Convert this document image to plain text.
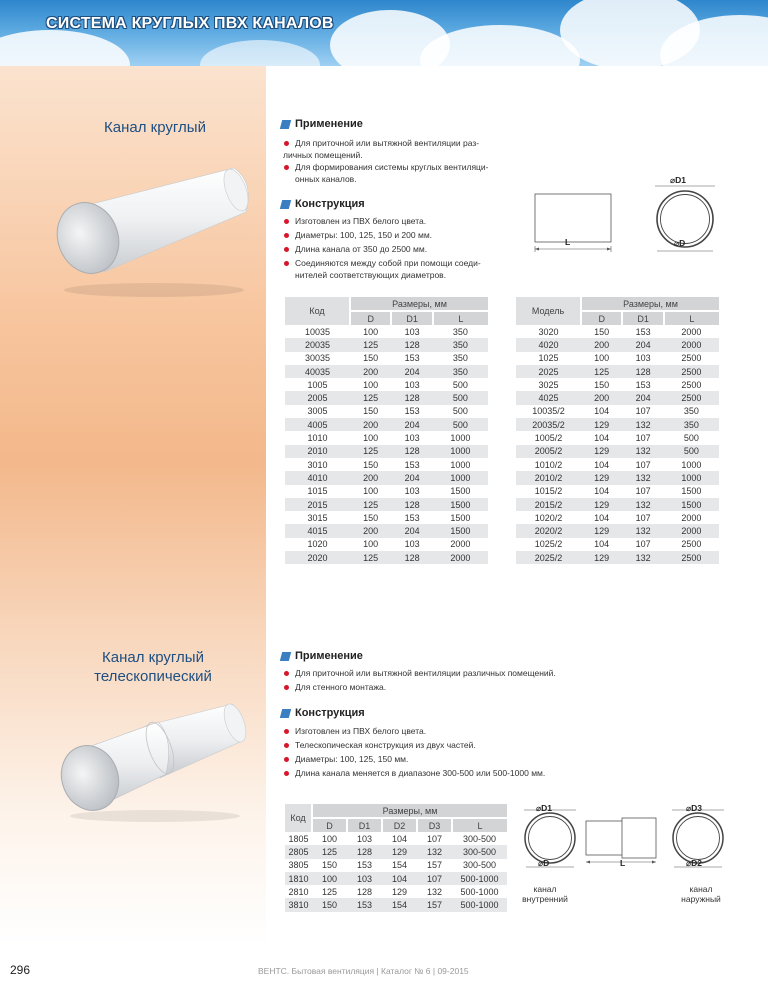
СИСТЕМА КРУГЛЫХ ПВХ КАНАЛОВ
Канал круглый	Применение
Для приточной или вытяжной вентиляции раз-
личных помещений.
Для формирования системы круглых вентиляци-
онных каналов.
Конструкция
Изготовлен из ПВХ белого цвета.
Диаметры: 100, 125, 150 и 200 мм.
Длина канала от 350 до 2500 мм.
Соединяются между собой при помощи соеди-
нителей соответствующих диаметров.
⌀D1
⌀D
L
Код	Размеры, мм		
	D	D1	L
10035	100	103	350
20035	125	128	350
30035	150	153	350
40035	200	204	350
1005	100	103	500
2005	125	128	500
3005	150	153	500
4005	200	204	500
1010	100	103	1000
2010	125	128	1000
3010	150	153	1000
4010	200	204	1000
1015	100	103	1500
2015	125	128	1500
3015	150	153	1500
4015	200	204	1500
1020	100	103	2000
2020	125	128	2000
Модель	Размеры, мм		
	D	D1	L
3020	150	153	2000
4020	200	204	2000
1025	100	103	2500
2025	125	128	2500
3025	150	153	2500
4025	200	204	2500
10035/2	104	107	350
20035/2	129	132	350
1005/2	104	107	500
2005/2	129	132	500
1010/2	104	107	1000
2010/2	129	132	1000
1015/2	104	107	1500
2015/2	129	132	1500
1020/2	104	107	2000
2020/2	129	132	2000
1025/2	104	107	2500
2025/2	129	132	2500
Канал круглый
телескопический
Применение
Для приточной или вытяжной вентиляции различных помещений.
Для стенного монтажа.
Конструкция
Изготовлен из ПВХ белого цвета.
Телескопическая конструкция из двух частей.
Диаметры: 100, 125, 150 мм.
Длина канала меняется в диапазоне 300-500 или 500-1000 мм.
Код	Размеры, мм				
	D	D1	D2	D3	L
1805	100	103	104	107	300-500
2805	125	128	129	132	300-500
3805	150	153	154	157	300-500
1810	100	103	104	107	500-1000
2810	125	128	129	132	500-1000
3810	150	153	154	157	500-1000
⌀D1
⌀D	L
⌀D3
⌀D2
канал
внутренний
канал
наружный
296	ВЕНТС. Бытовая вентиляция | Каталог № 6 | 09-2015
